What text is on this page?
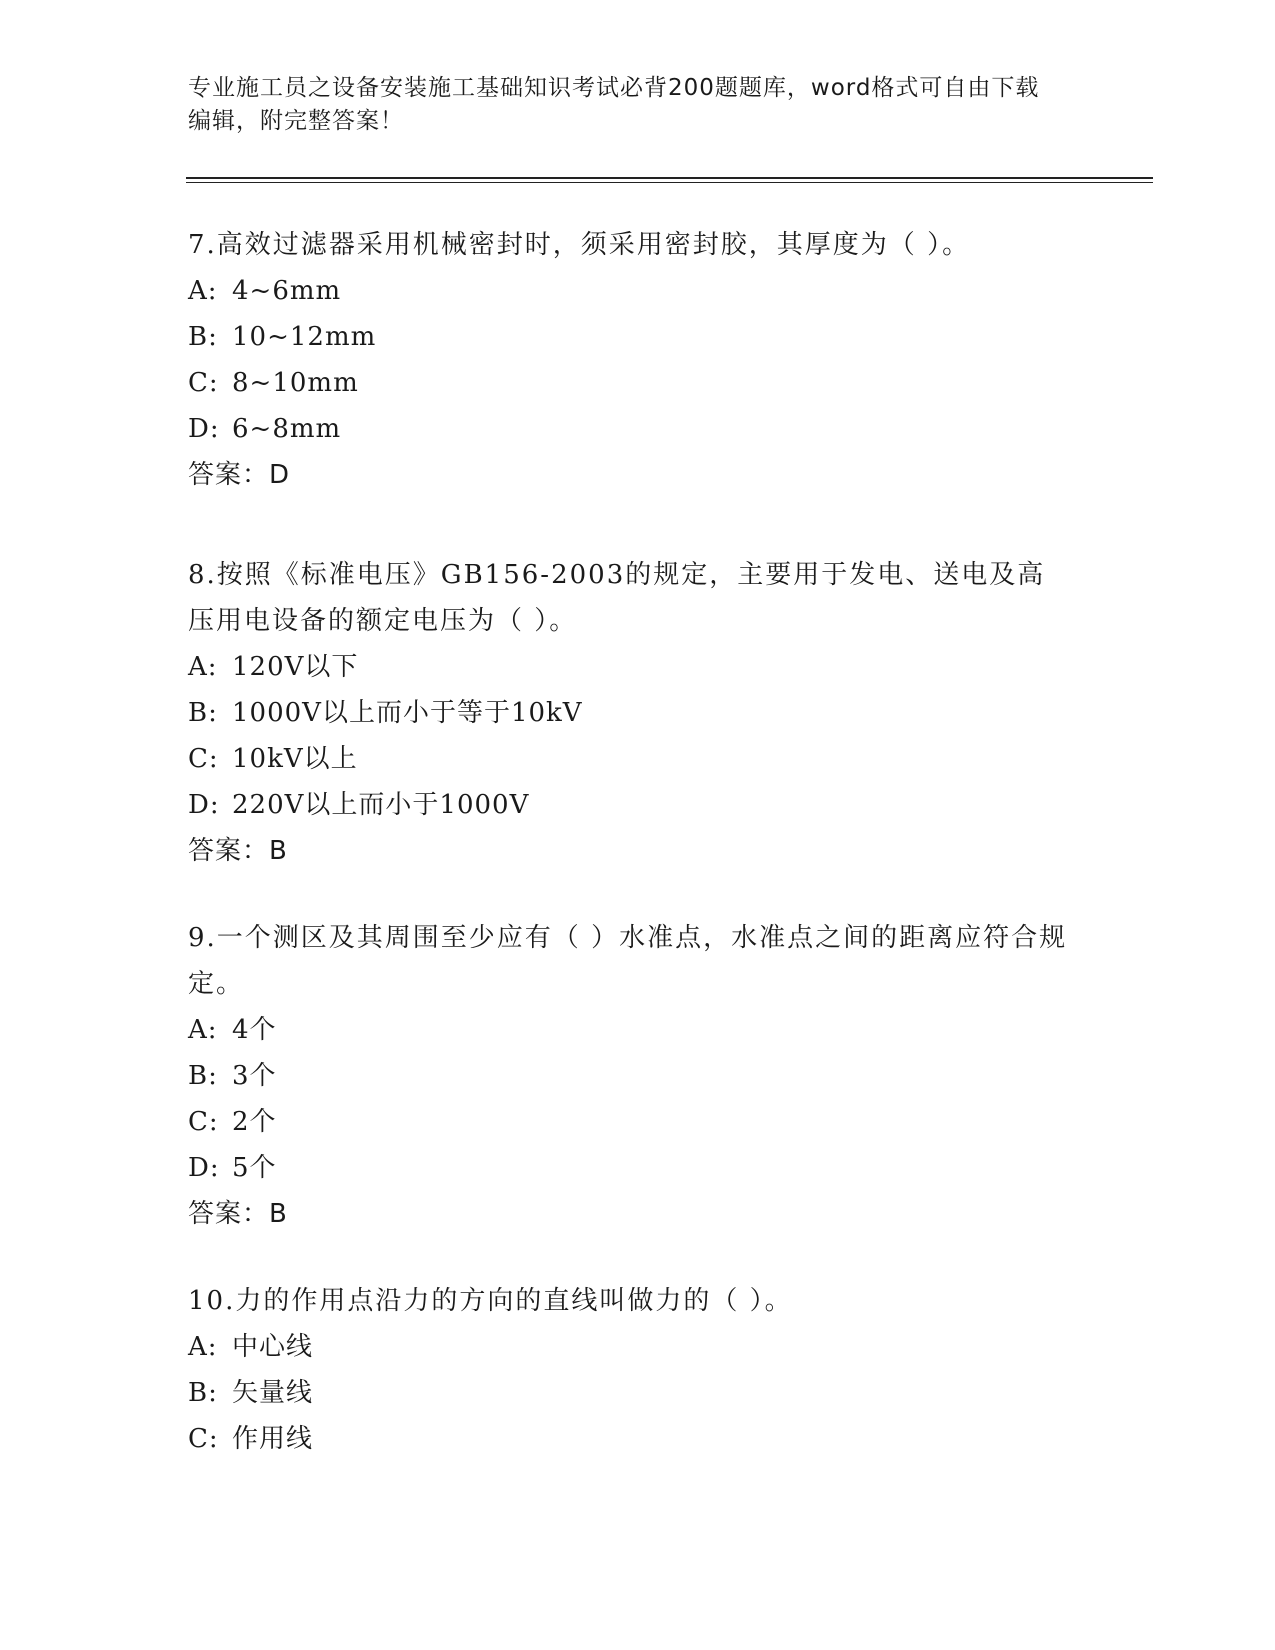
专业施工员之设备安装施工基础知识考试必背200题题库，word格式可自由下载
编辑，附完整答案！

7.高效过滤器采用机械密封时，须采用密封胶，其厚度为（ ）。

A: 4~6mm

B: 10~12mm

C: 8~10mm

D: 6~8mm

答案：D

8.按照《标准电压》GB156-2003的规定，主要用于发电、送电及高压用电设备的额定电压为（ ）。

A: 120V以下

B: 1000V以上而小于等于10kV

C: 10kV以上

D: 220V以上而小于1000V

答案：B

9.一个测区及其周围至少应有（ ）水准点，水准点之间的距离应符合规定。

A: 4个

B: 3个

C: 2个

D: 5个

答案：B

10.力的作用点沿力的方向的直线叫做力的（ ）。

A: 中心线

B: 矢量线

C: 作用线
